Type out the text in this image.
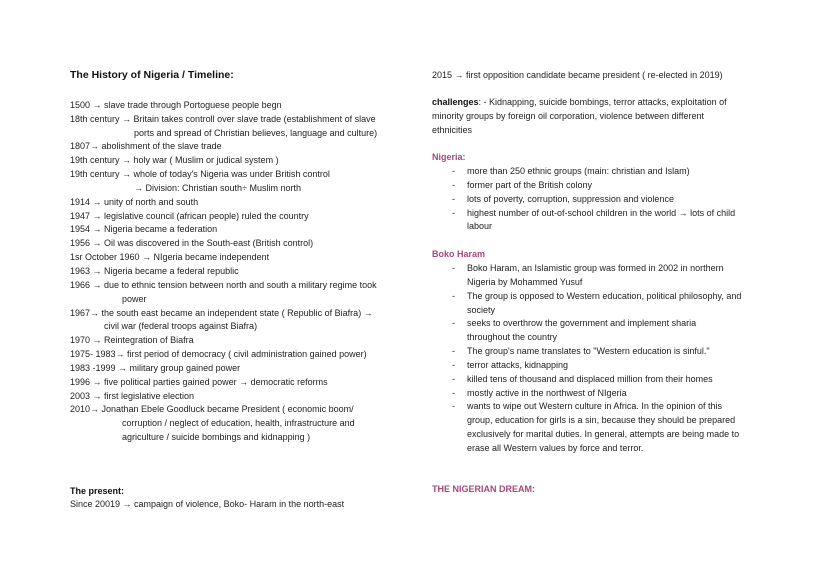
The History of Nigeria / Timeline:
1500 → slave trade through Portoguese people begn
18th century → Britain takes controll over slave trade (establishment of slave
ports and spread of Christian believes, language and culture)
1807→ abolishment of the slave trade
19th century → holy war ( Muslim or judical system )
19th century → whole of today's Nigeria was under British control
→ Division: Christian south÷ Muslim north
1914 → unity of north and south
1947 → legislative council (african people) ruled the country
1954 → Nigeria became a federation
1956 → Oil was discovered in the South-east (British control)
1sr October 1960 → NIgeria became independent
1963 → Nigeria became a federal republic
1966 → due to ethnic tension between north and south a military regime took
power
1967→ the south east became an independent state ( Republic of Biafra) →
civil war (federal troops against Biafra)
1970 → Reintegration of Biafra
1975- 1983→ first period of democracy ( civil administration gained power)
1983 -1999 → military group gained power
1996 → five political parties gained power → democratic reforms
2003 → first legislative election
2010→ Jonathan Ebele Goodluck became President ( economic boom/
corruption / neglect of education, health, infrastructure and
agriculture / suicide bombings and kidnapping )
The present:
Since 20019 → campaign of violence, Boko- Haram in the north-east
2015 → first opposition candidate became president ( re-elected in 2019)
challenges: - Kidnapping, suicide bombings, terror attacks, exploitation of
minority groups by foreign oil corporation, violence between different
ethnicities
Nigeria:
- more than 250 ethnic groups (main: christian and Islam)
- former part of the British colony
- lots of poverty, corruption, suppression and violence
- highest number of out-of-school children in the world → lots of child
labour
Boko Haram
- Boko Haram, an Islamistic group was formed in 2002 in northern
Nigeria by Mohammed Yusuf
- The group is opposed to Western education, political philosophy, and
society
- seeks to overthrow the government and implement sharia
throughout the country
- The group's name translates to "Western education is sinful."
- terror attacks, kidnapping
- killed tens of thousand and displaced million from their homes
- mostly active in the northwest of NIgeria
- wants to wipe out Western culture in Africa. In the opinion of this
group, education for girls is a sin, because they should be prepared
exclusively for marital duties. In general, attempts are being made to
erase all Western values by force and terror.
THE NIGERIAN DREAM:
